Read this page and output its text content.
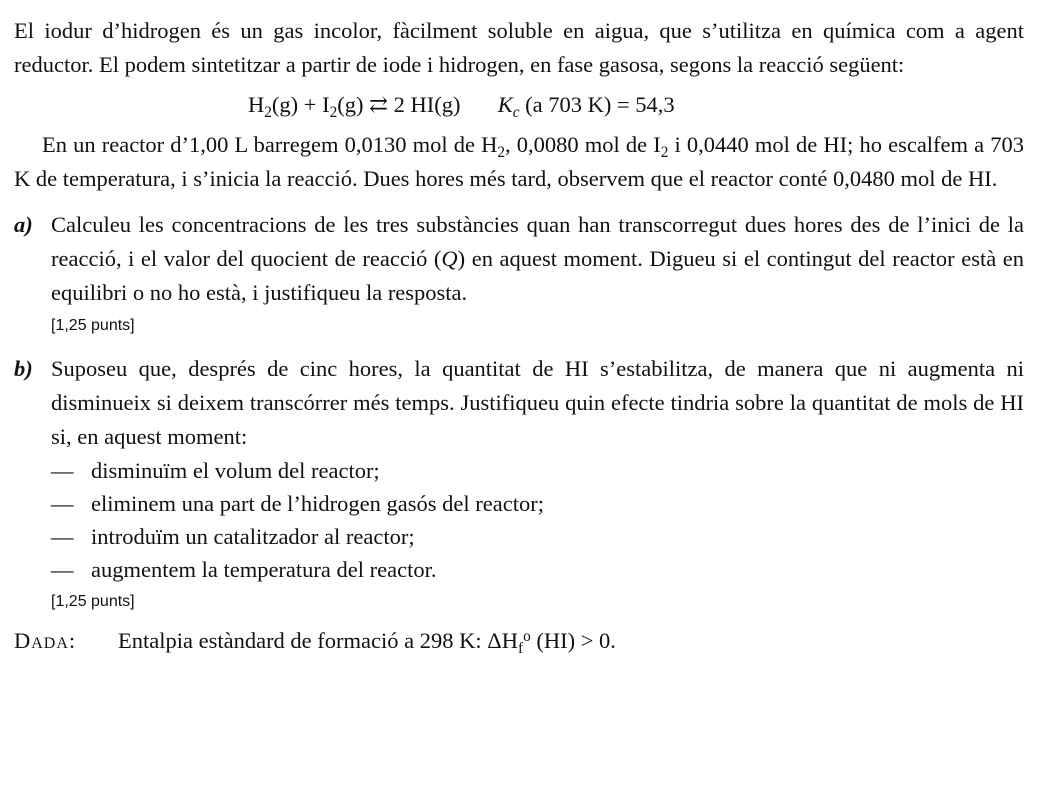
El iodur d’hidrogen és un gas incolor, fàcilment soluble en aigua, que s’utilitza en química com a agent reductor. El podem sintetitzar a partir de iode i hidrogen, en fase gasosa, segons la reacció següent:

$H_2(g) + I_2(g)$ ⇄ 2 HI(g) $K_c$ (a 703 K) = 54,3

En un reactor d’1,00 L barregem 0,0130 mol de $H_2$, 0,0080 mol de $I_2$ i 0,0440 mol de HI; ho escalfem a 703 K de temperatura, i s’inicia la reacció. Dues hores més tard, observem que el reactor conté 0,0480 mol de HI.

a) Calculeu les concentracions de les tres substàncies quan han transcorregut dues hores des de l’inici de la reacció, i el valor del quocient de reacció (Q) en aquest moment. Digueu si el contingut del reactor està en equilibri o no ho està, i justifiqueu la resposta.

[1,25 punts]
b) Suposeu que, després de cinc hores, la quantitat de HI s’estabilitza, de manera que ni augmenta ni disminueix si deixem transcórrer més temps. Justifiqueu quin efecte tindria sobre la quantitat de mols de HI si, en aquest moment:

— disminuïm el volum del reactor;
— eliminem una part de l’hidrogen gasós del reactor;
— introduïm un catalitzador al reactor;
— augmentem la temperatura del reactor.
[1,25 punts]
Dada: Entalpia estàndard de formació a 298 K: $\Delta H_f^o$ (HI) > 0.
